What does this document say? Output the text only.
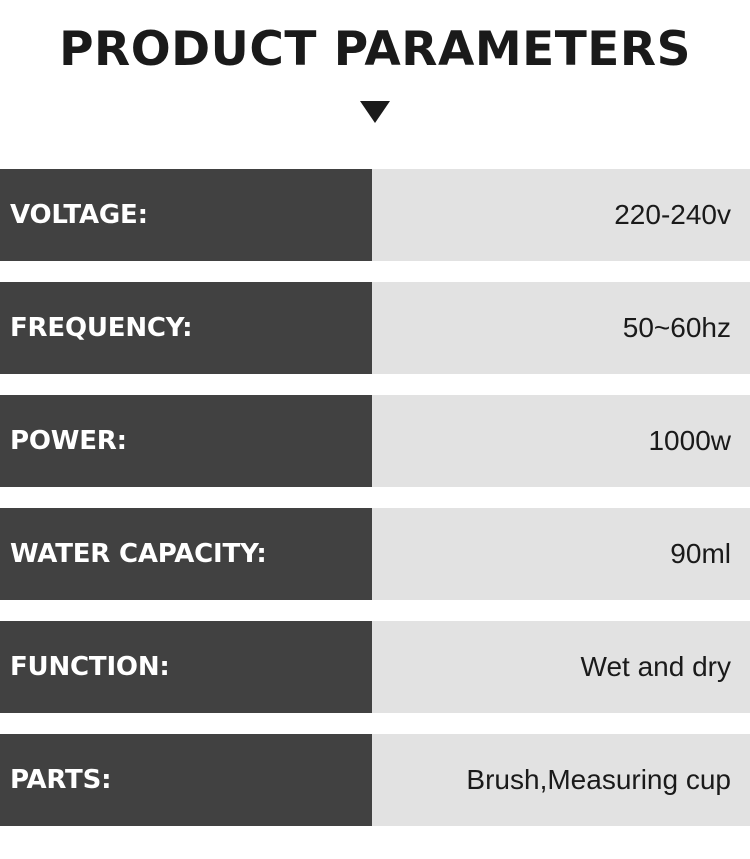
PRODUCT PARAMETERS
VOLTAGE:	220-240v
FREQUENCY:	50~60hz
POWER:	1000w
WATER CAPACITY:	90ml
FUNCTION:	Wet and dry
PARTS:	Brush,Measuring cup
